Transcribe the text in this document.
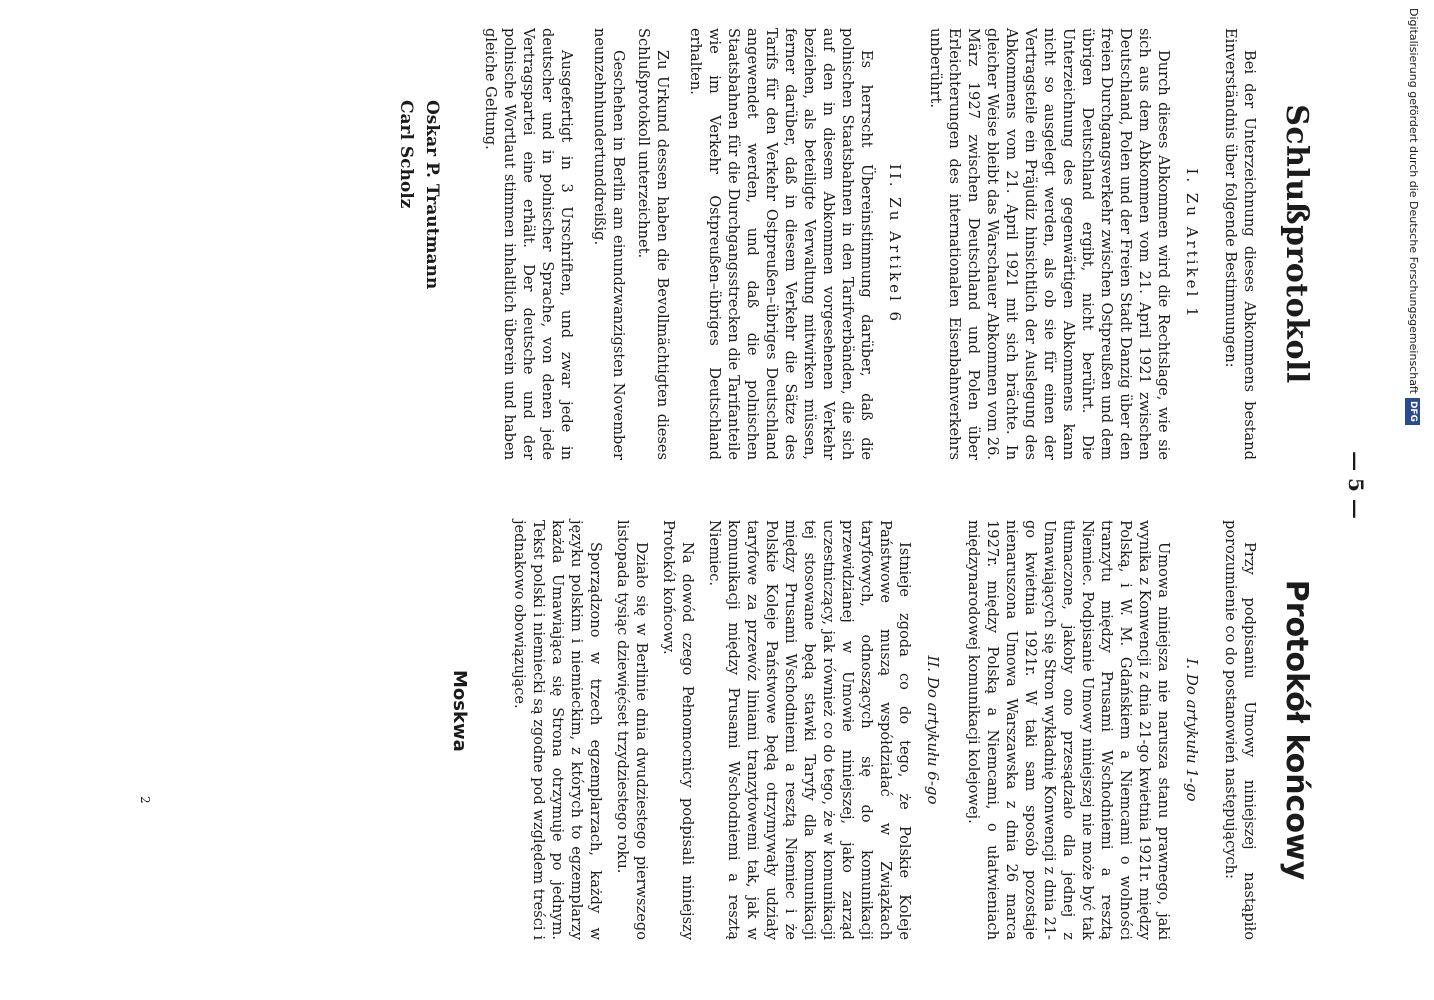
— 5 —
Schlußprotokoll
Bei der Unterzeichnung dieses Abkommens bestand Einverständnis über folgende Bestimmungen:
I. Zu Artikel 1
Durch dieses Abkommen wird die Rechtslage, wie sie sich aus dem Abkommen vom 21. April 1921 zwischen Deutschland, Polen und der Freien Stadt Danzig über den freien Durchgangsverkehr zwischen Ostpreußen und dem übrigen Deutschland ergibt, nicht berührt. Die Unterzeichnung des gegenwärtigen Abkommens kann nicht so ausgelegt werden, als ob sie für einen der Vertragsteile ein Präjudiz hinsichtlich der Auslegung des Abkommens vom 21. April 1921 mit sich brächte. In gleicher Weise bleibt das Warschauer Abkommen vom 26. März 1927 zwischen Deutschland und Polen über Erleichterungen des internationalen Eisenbahnverkehrs unberührt.
II. Zu Artikel 6
Es herrscht Übereinstimmung darüber, daß die polnischen Staatsbahnen in den Tarifverbänden, die sich auf den in diesem Abkommen vorgesehenen Verkehr beziehen, als beteiligte Verwaltung mitwirken müssen, ferner darüber, daß in diesem Verkehr die Sätze des Tarifs für den Verkehr Ostpreußen–übriges Deutschland angewendet werden, und daß die polnischen Staatsbahnen für die Durchgangsstrecken die Tarifanteile wie im Verkehr Ostpreußen–übriges Deutschland erhalten.
Zu Urkund dessen haben die Bevollmächtigten dieses Schlußprotokoll unterzeichnet.
Geschehen in Berlin am einundzwanzigsten November neunzehnhundertunddreißig.
Ausgefertigt in 3 Urschriften, und zwar jede in deutscher und in polnischer Sprache, von denen jede Vertragspartei eine erhält. Der deutsche und der polnische Wortlaut stimmen inhaltlich überein und haben gleiche Geltung.
Oskar P. Trautmann
Carl Scholz
Protokół końcowy
Przy podpisaniu Umowy niniejszej nastąpiło porozumienie co do postanowień następujących:
I. Do artykułu 1-go
Umowa niniejsza nie narusza stanu prawnego, jaki wynika z Konwencji z dnia 21-go kwietnia 1921r. między Polską, i W. M. Gdańskiem a Niemcami o wolności tranzytu między Prusami Wschodniemi a resztą Niemiec. Podpisanie Umowy niniejszej nie może być tak tłumaczone, jakoby ono przesądzało dla jednej z Umawiających się Stron wykładnię Konwencji z dnia 21-go kwietnia 1921r. W taki sam sposób pozostaje nienaruszona Umowa Warszawska z dnia 26 marca 1927r. między Polską a Niemcami, o ułatwieniach międzynarodowej komunikacji kolejowej.
II. Do artykułu 6-go
Istnieje zgoda co do tego, że Polskie Koleje Państwowe muszą współdziałać w Związkach taryfowych, odnoszących się do komunikacji przewidzianej w Umowie niniejszej, jako zarząd uczestniczący, jak również co do tego, że w komunikacji tej stosowane będą stawki Taryfy dla komunikacji między Prusami Wschodniemi a resztą Niemiec i że Polskie Koleje Państwowe będą otrzymywały udziały taryfowe za przewóz liniami tranzytowemi tak, jak w komunikacji między Prusami Wschodniemi a resztą Niemiec.
Na dowód czego Pełnomocnicy podpisali niniejszy Protokół końcowy.
Działo się w Berlinie dnia dwudziestego pierwszego listopada tysiąc dziewięćset trzydziestego roku.
Sporządzono w trzech egzemplarzach, każdy w języku polskim i niemieckim, z których to egzemplarzy każda Umawiająca się Strona otrzymuje po jednym. Tekst polski i niemiecki są zgodne pod względem treści i jednakowo obowiązujące.
Moskwa
2
Digitalisierung gefördert durch die Deutsche Forschungsgemeinschaft
DFG
